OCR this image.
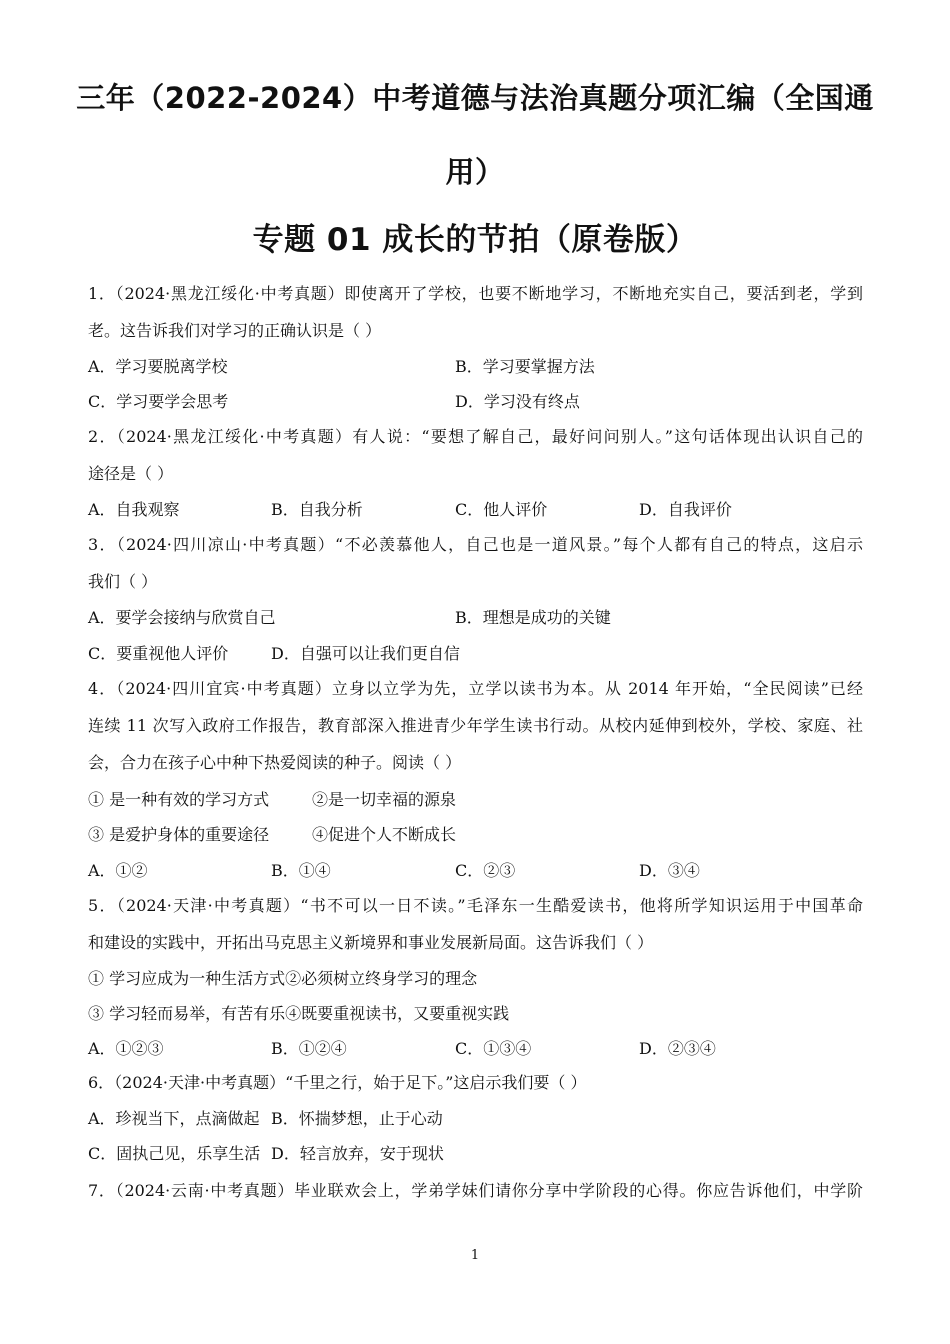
三年（2022-2024）中考道德与法治真题分项汇编（全国通
用）
专题 01 成长的节拍（原卷版）
1．（2024·黑龙江绥化·中考真题）即使离开了学校，也要不断地学习，不断地充实自己，要活到老，学到
老。这告诉我们对学习的正确认识是（ ）
A．学习要脱离学校	B．学习要掌握方法
C．学习要学会思考	D．学习没有终点
2．（2024·黑龙江绥化·中考真题）有人说：“要想了解自己，最好问问别人。”这句话体现出认识自己的
途径是（ ）
A．自我观察	B．自我分析	C．他人评价	D．自我评价
3．（2024·四川凉山·中考真题）“不必羡慕他人，自己也是一道风景。”每个人都有自己的特点，这启示
我们（ ）
A．要学会接纳与欣赏自己	B．理想是成功的关键
C．要重视他人评价	D．自强可以让我们更自信
4．（2024·四川宜宾·中考真题）立身以立学为先，立学以读书为本。从 2014 年开始，“全民阅读”已经
连续 11 次写入政府工作报告，教育部深入推进青少年学生读书行动。从校内延伸到校外，学校、家庭、社
会，合力在孩子心中种下热爱阅读的种子。阅读（ ）
① 是一种有效的学习方式	②是一切幸福的源泉
③ 是爱护身体的重要途径	④促进个人不断成长
A．①②	B．①④	C．②③	D．③④
5．（2024·天津·中考真题）“书不可以一日不读。”毛泽东一生酷爱读书，他将所学知识运用于中国革命
和建设的实践中，开拓出马克思主义新境界和事业发展新局面。这告诉我们（ ）
① 学习应成为一种生活方式②必须树立终身学习的理念
③ 学习轻而易举，有苦有乐④既要重视读书，又要重视实践
A．①②③	B．①②④	C．①③④	D．②③④
6．（2024·天津·中考真题）“千里之行，始于足下。”这启示我们要（ ）
A．珍视当下，点滴做起 B．怀揣梦想，止于心动
C．固执己见，乐享生活 D．轻言放弃，安于现状
7．（2024·云南·中考真题）毕业联欢会上，学弟学妹们请你分享中学阶段的心得。你应告诉他们，中学阶
1
